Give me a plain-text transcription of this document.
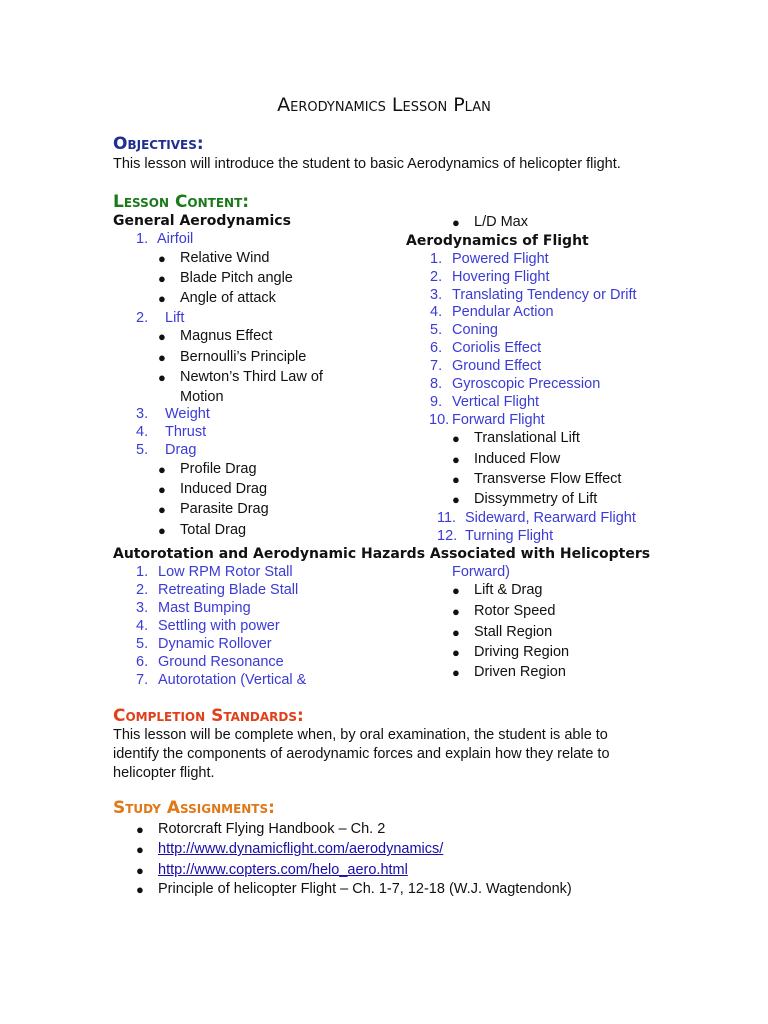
Aerodynamics Lesson Plan
Objectives:
This lesson will introduce the student to basic Aerodynamics of helicopter flight.
Lesson Content:
General Aerodynamics
1. Airfoil
● Relative Wind
● Blade Pitch angle
● Angle of attack
2. Lift
● Magnus Effect
● Bernoulli’s Principle
● Newton’s Third Law of
Motion
3. Weight
4. Thrust
5. Drag
● Profile Drag
● Induced Drag
● Parasite Drag
● Total Drag
● L/D Max
Aerodynamics of Flight
1. Powered Flight
2. Hovering Flight
3. Translating Tendency or Drift
4. Pendular Action
5. Coning
6. Coriolis Effect
7. Ground Effect
8. Gyroscopic Precession
9. Vertical Flight
10. Forward Flight
● Translational Lift
● Induced Flow
● Transverse Flow Effect
● Dissymmetry of Lift
11. Sideward, Rearward Flight
12. Turning Flight
Autorotation and Aerodynamic Hazards Associated with Helicopters
1. Low RPM Rotor Stall
2. Retreating Blade Stall
3. Mast Bumping
4. Settling with power
5. Dynamic Rollover
6. Ground Resonance
7. Autorotation (Vertical &
Forward)
● Lift & Drag
● Rotor Speed
● Stall Region
● Driving Region
● Driven Region
Completion Standards:
This lesson will be complete when, by oral examination, the student is able to identify the components of aerodynamic forces and explain how they relate to helicopter flight.
Study Assignments:
● Rotorcraft Flying Handbook – Ch. 2
● http://www.dynamicflight.com/aerodynamics/
● http://www.copters.com/helo_aero.html
● Principle of helicopter Flight – Ch. 1-7, 12-18 (W.J. Wagtendonk)
